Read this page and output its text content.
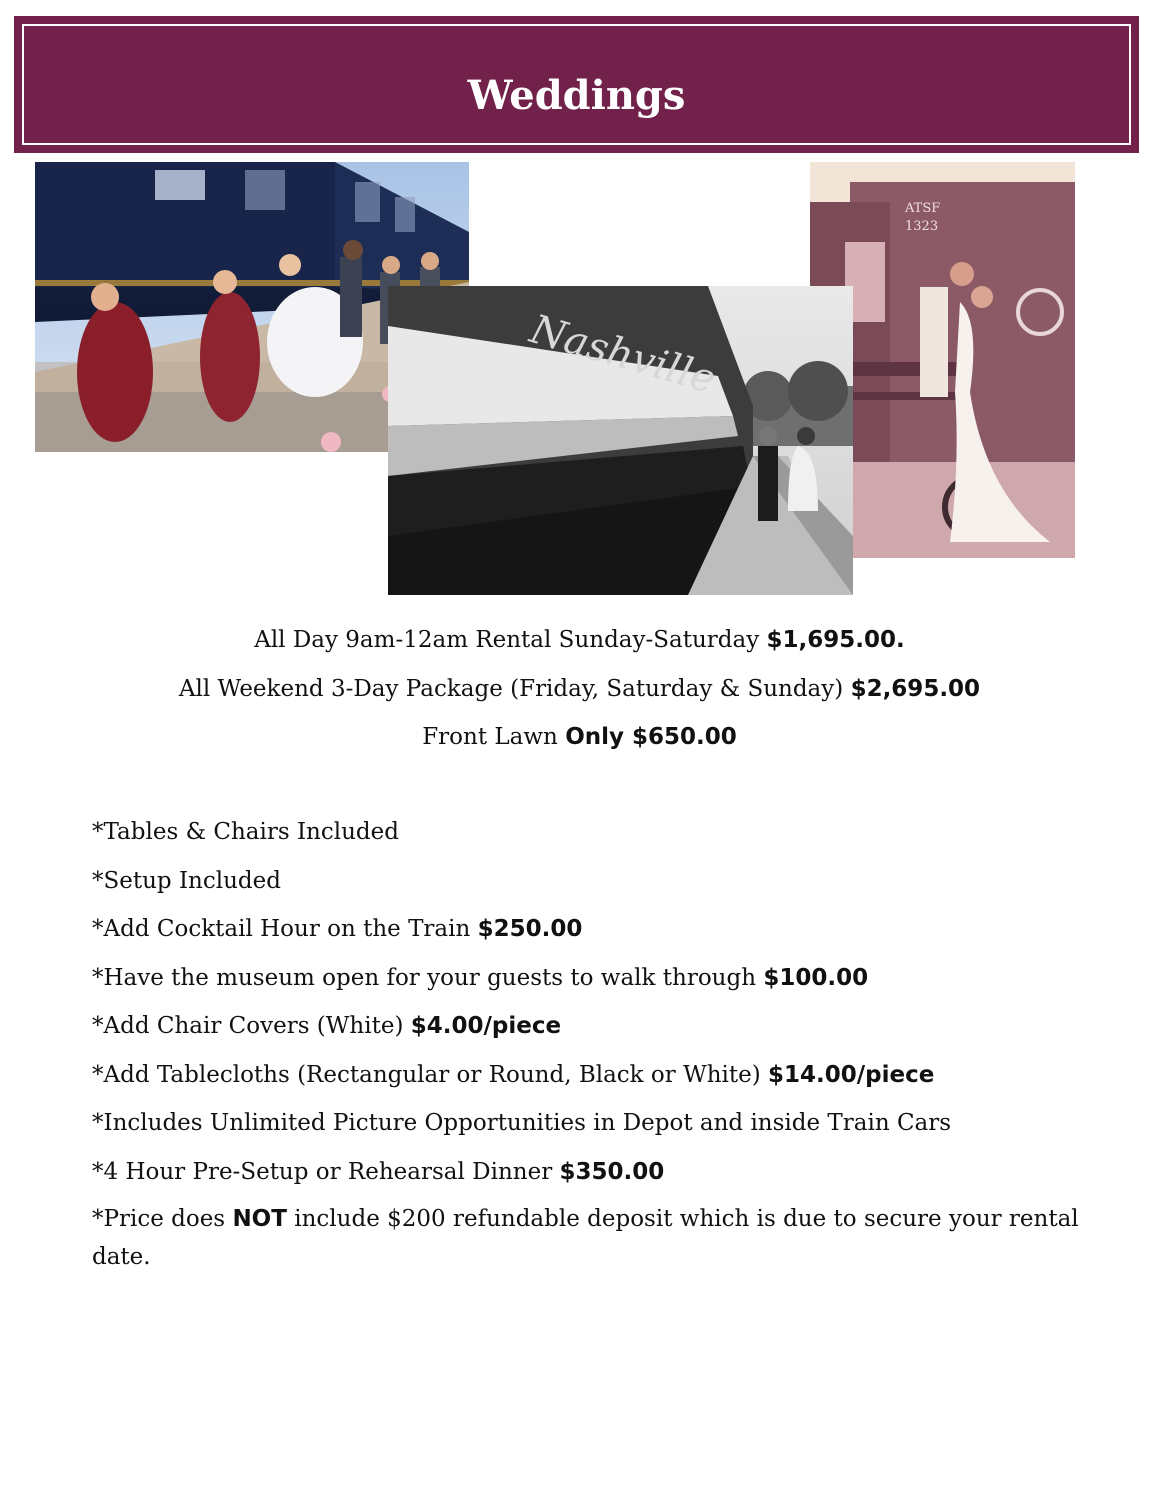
Weddings
ATSF
1323
Nashville
All Day 9am-12am Rental Sunday-Saturday $1,695.00.
All Weekend 3-Day Package (Friday, Saturday & Sunday) $2,695.00
Front Lawn Only $650.00
*Tables & Chairs Included
*Setup Included
*Add Cocktail Hour on the Train $250.00
*Have the museum open for your guests to walk through $100.00
*Add Chair Covers (White) $4.00/piece
*Add Tablecloths (Rectangular or Round, Black or White) $14.00/piece
*Includes Unlimited Picture Opportunities in Depot and inside Train Cars
*4 Hour Pre-Setup or Rehearsal Dinner $350.00
*Price does NOT include $200 refundable deposit which is due to secure your rental date.
